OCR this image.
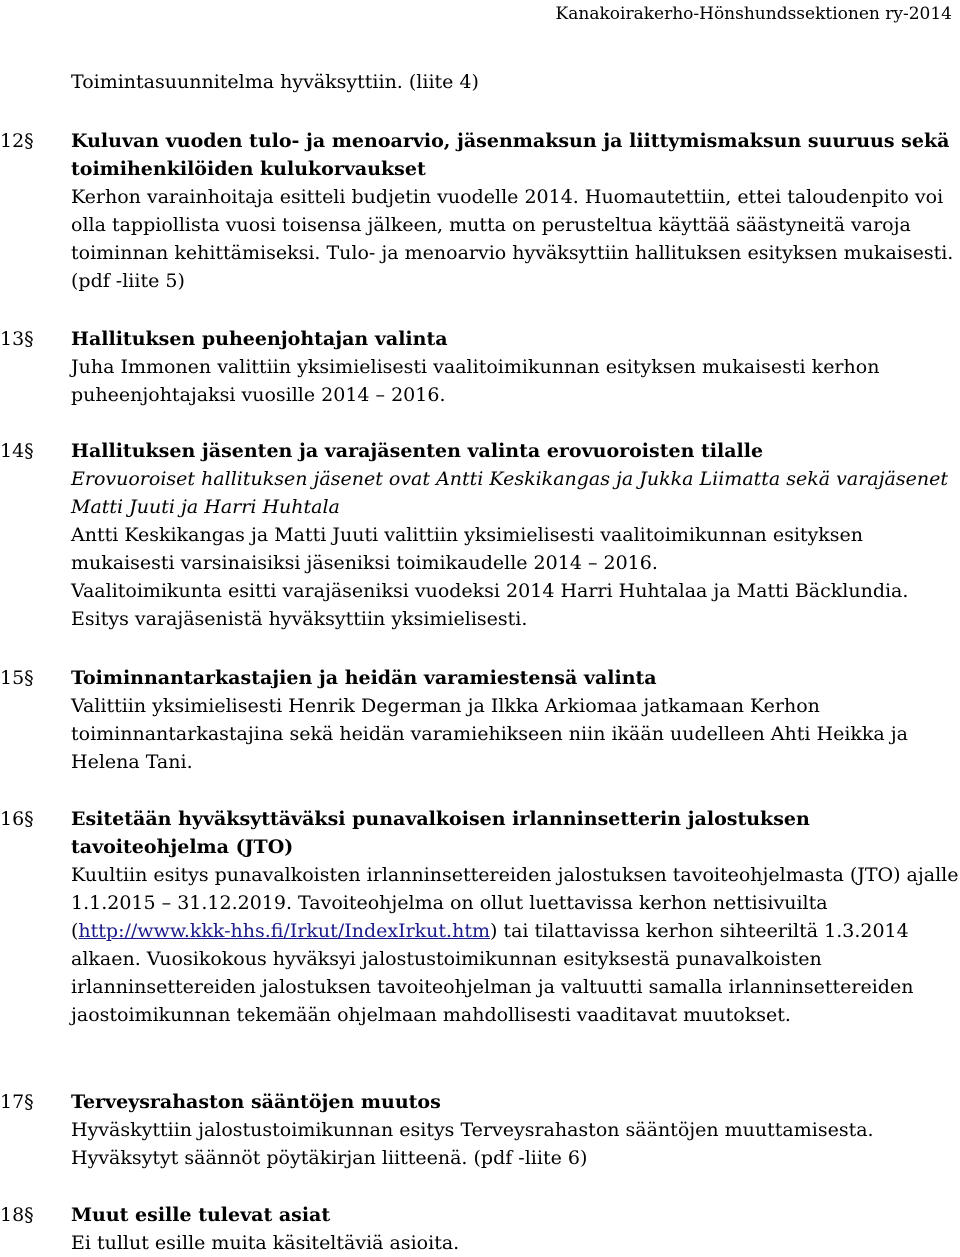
Kanakoirakerho-Hönshundssektionen ry-2014
Toimintasuunnitelma hyväksyttiin. (liite 4)
12§ Kuluvan vuoden tulo- ja menoarvio, jäsenmaksun ja liittymismaksun suuruus sekä toimihenkilöiden kulukorvaukset

Kerhon varainhoitaja esitteli budjetin vuodelle 2014. Huomautettiin, ettei taloudenpito voi olla tappiollista vuosi toisensa jälkeen, mutta on perusteltua käyttää säästyneitä varoja toiminnan kehittämiseksi. Tulo- ja menoarvio hyväksyttiin hallituksen esityksen mukaisesti. (pdf -liite 5)

13§ Hallituksen puheenjohtajan valinta

Juha Immonen valittiin yksimielisesti vaalitoimikunnan esityksen mukaisesti kerhon puheenjohtajaksi vuosille 2014 – 2016.

14§ Hallituksen jäsenten ja varajäsenten valinta erovuoroisten tilalle
Erovuoroiset hallituksen jäsenet ovat Antti Keskikangas ja Jukka Liimatta sekä varajäsenet Matti Juuti ja Harri Huhtala

Antti Keskikangas ja Matti Juuti valittiin yksimielisesti vaalitoimikunnan esityksen mukaisesti varsinaisiksi jäseniksi toimikaudelle 2014 – 2016.

Vaalitoimikunta esitti varajäseniksi vuodeksi 2014 Harri Huhtalaa ja Matti Bäcklundia. Esitys varajäsenistä hyväksyttiin yksimielisesti.

15§ Toiminnantarkastajien ja heidän varamiestensä valinta

Valittiin yksimielisesti Henrik Degerman ja Ilkka Arkiomaa jatkamaan Kerhon toiminnantarkastajina sekä heidän varamiehikseen niin ikään uudelleen Ahti Heikka ja Helena Tani.

16§ Esitetään hyväksyttäväksi punavalkoisen irlanninsetterin jalostuksen tavoiteohjelma (JTO)

Kuultiin esitys punavalkoisten irlanninsettereiden jalostuksen tavoiteohjelmasta (JTO) ajalle 1.1.2015 – 31.12.2019. Tavoiteohjelma on ollut luettavissa kerhon nettisivuilta (http://www.kkk-hhs.fi/Irkut/IndexIrkut.htm) tai tilattavissa kerhon sihteeriltä 1.3.2014 alkaen. Vuosikokous hyväksyi jalostustoimikunnan esityksestä punavalkoisten irlanninsettereiden jalostuksen tavoiteohjelman ja valtuutti samalla irlanninsettereiden jaostoimikunnan tekemään ohjelmaan mahdollisesti vaaditavat muutokset.

17§ Terveysrahaston sääntöjen muutos

Hyväskyttiin jalostustoimikunnan esitys Terveysrahaston sääntöjen muuttamisesta.

Hyväksytyt säännöt pöytäkirjan liitteenä. (pdf -liite 6)

18§ Muut esille tulevat asiat

Ei tullut esille muita käsiteltäviä asioita.
